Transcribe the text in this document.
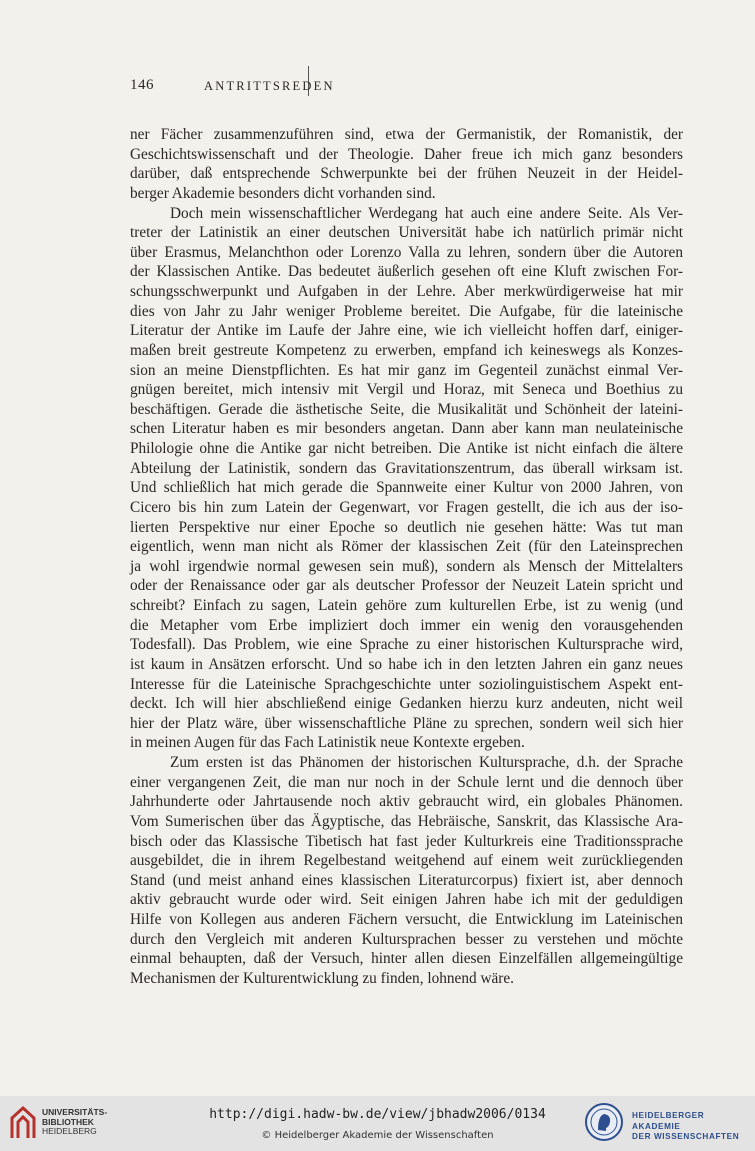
146	ANTRITTSREDEN
ner Fächer zusammenzuführen sind, etwa der Germanistik, der Romanistik, der
Geschichtswissenschaft und der Theologie. Daher freue ich mich ganz besonders
darüber, daß entsprechende Schwerpunkte bei der frühen Neuzeit in der Heidel-
berger Akademie besonders dicht vorhanden sind.
Doch mein wissenschaftlicher Werdegang hat auch eine andere Seite. Als Ver-
treter der Latinistik an einer deutschen Universität habe ich natürlich primär nicht
über Erasmus, Melanchthon oder Lorenzo Valla zu lehren, sondern über die Autoren
der Klassischen Antike. Das bedeutet äußerlich gesehen oft eine Kluft zwischen For-
schungsschwerpunkt und Aufgaben in der Lehre. Aber merkwürdigerweise hat mir
dies von Jahr zu Jahr weniger Probleme bereitet. Die Aufgabe, für die lateinische
Literatur der Antike im Laufe der Jahre eine, wie ich vielleicht hoffen darf, einiger-
maßen breit gestreute Kompetenz zu erwerben, empfand ich keineswegs als Konzes-
sion an meine Dienstpflichten. Es hat mir ganz im Gegenteil zunächst einmal Ver-
gnügen bereitet, mich intensiv mit Vergil und Horaz, mit Seneca und Boethius zu
beschäftigen. Gerade die ästhetische Seite, die Musikalität und Schönheit der lateini-
schen Literatur haben es mir besonders angetan. Dann aber kann man neulateinische
Philologie ohne die Antike gar nicht betreiben. Die Antike ist nicht einfach die ältere
Abteilung der Latinistik, sondern das Gravitationszentrum, das überall wirksam ist.
Und schließlich hat mich gerade die Spannweite einer Kultur von 2000 Jahren, von
Cicero bis hin zum Latein der Gegenwart, vor Fragen gestellt, die ich aus der iso-
lierten Perspektive nur einer Epoche so deutlich nie gesehen hätte: Was tut man
eigentlich, wenn man nicht als Römer der klassischen Zeit (für den Lateinsprechen
ja wohl irgendwie normal gewesen sein muß), sondern als Mensch der Mittelalters
oder der Renaissance oder gar als deutscher Professor der Neuzeit Latein spricht und
schreibt? Einfach zu sagen, Latein gehöre zum kulturellen Erbe, ist zu wenig (und
die Metapher vom Erbe impliziert doch immer ein wenig den vorausgehenden
Todesfall). Das Problem, wie eine Sprache zu einer historischen Kultursprache wird,
ist kaum in Ansätzen erforscht. Und so habe ich in den letzten Jahren ein ganz neues
Interesse für die Lateinische Sprachgeschichte unter soziolinguistischem Aspekt ent-
deckt. Ich will hier abschließend einige Gedanken hierzu kurz andeuten, nicht weil
hier der Platz wäre, über wissenschaftliche Pläne zu sprechen, sondern weil sich hier
in meinen Augen für das Fach Latinistik neue Kontexte ergeben.
Zum ersten ist das Phänomen der historischen Kultursprache, d.h. der Sprache
einer vergangenen Zeit, die man nur noch in der Schule lernt und die dennoch über
Jahrhunderte oder Jahrtausende noch aktiv gebraucht wird, ein globales Phänomen.
Vom Sumerischen über das Ägyptische, das Hebräische, Sanskrit, das Klassische Ara-
bisch oder das Klassische Tibetisch hat fast jeder Kulturkreis eine Traditionssprache
ausgebildet, die in ihrem Regelbestand weitgehend auf einem weit zurückliegenden
Stand (und meist anhand eines klassischen Literaturcorpus) fixiert ist, aber dennoch
aktiv gebraucht wurde oder wird. Seit einigen Jahren habe ich mit der geduldigen
Hilfe von Kollegen aus anderen Fächern versucht, die Entwicklung im Lateinischen
durch den Vergleich mit anderen Kultursprachen besser zu verstehen und möchte
einmal behaupten, daß der Versuch, hinter allen diesen Einzelfällen allgemeingültige
Mechanismen der Kulturentwicklung zu finden, lohnend wäre.
UNIVERSITÄTS-
BIBLIOTHEK
HEIDELBERG
http://digi.hadw-bw.de/view/jbhadw2006/0134
© Heidelberger Akademie der Wissenschaften
HEIDELBERGER AKADEMIE
DER WISSENSCHAFTEN
